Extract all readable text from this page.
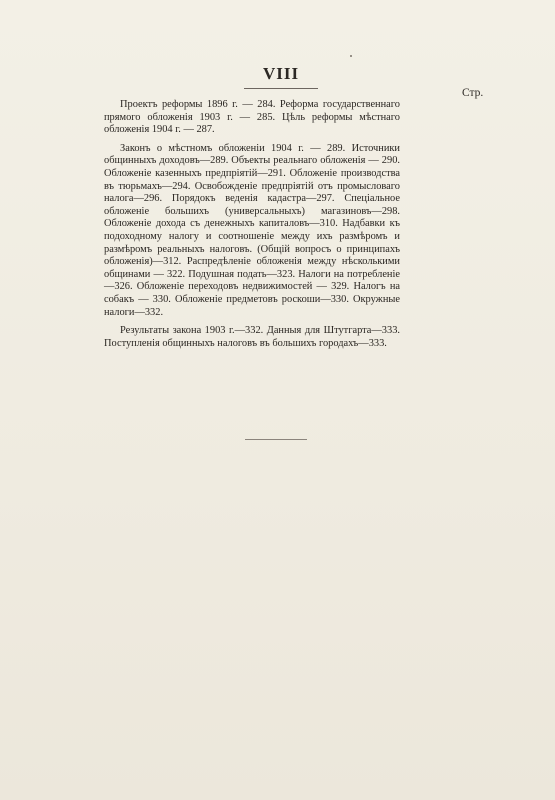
VIII
Стр.

Проектъ реформы 1896 г. — 284. Реформа государственнаго прямого обложенія 1903 г. — 285. Цѣль реформы мѣстнаго обложенія 1904 г. — 287.

Законъ о мѣстномъ обложеніи 1904 г. — 289. Источники общинныхъ доходовъ—289. Объекты реальнаго обложенія — 290. Обложеніе казенныхъ предпріятій—291. Обложеніе производства въ тюрьмахъ—294. Освобожденіе предпріятій отъ промысловаго налога—296. Порядокъ веденія кадастра—297. Спеціальное обложеніе большихъ (универсальныхъ) магазиновъ—298. Обложеніе дохода съ денежныхъ капиталовъ—310. Надбавки къ подоходному налогу и соотношеніе между ихъ размѣромъ и размѣромъ реальныхъ налоговъ. (Общій вопросъ о принципахъ обложенія)—312. Распредѣленіе обложенія между нѣсколькими общинами — 322. Подушная подать—323. Налоги на потребленіе—326. Обложеніе переходовъ недвижимостей — 329. Налогъ на собакъ — 330. Обложеніе предметовъ роскоши—330. Окружные налоги—332.

Результаты закона 1903 г.—332. Данныя для Штутгарта—333. Поступленія общинныхъ налоговъ въ большихъ городахъ—333.
